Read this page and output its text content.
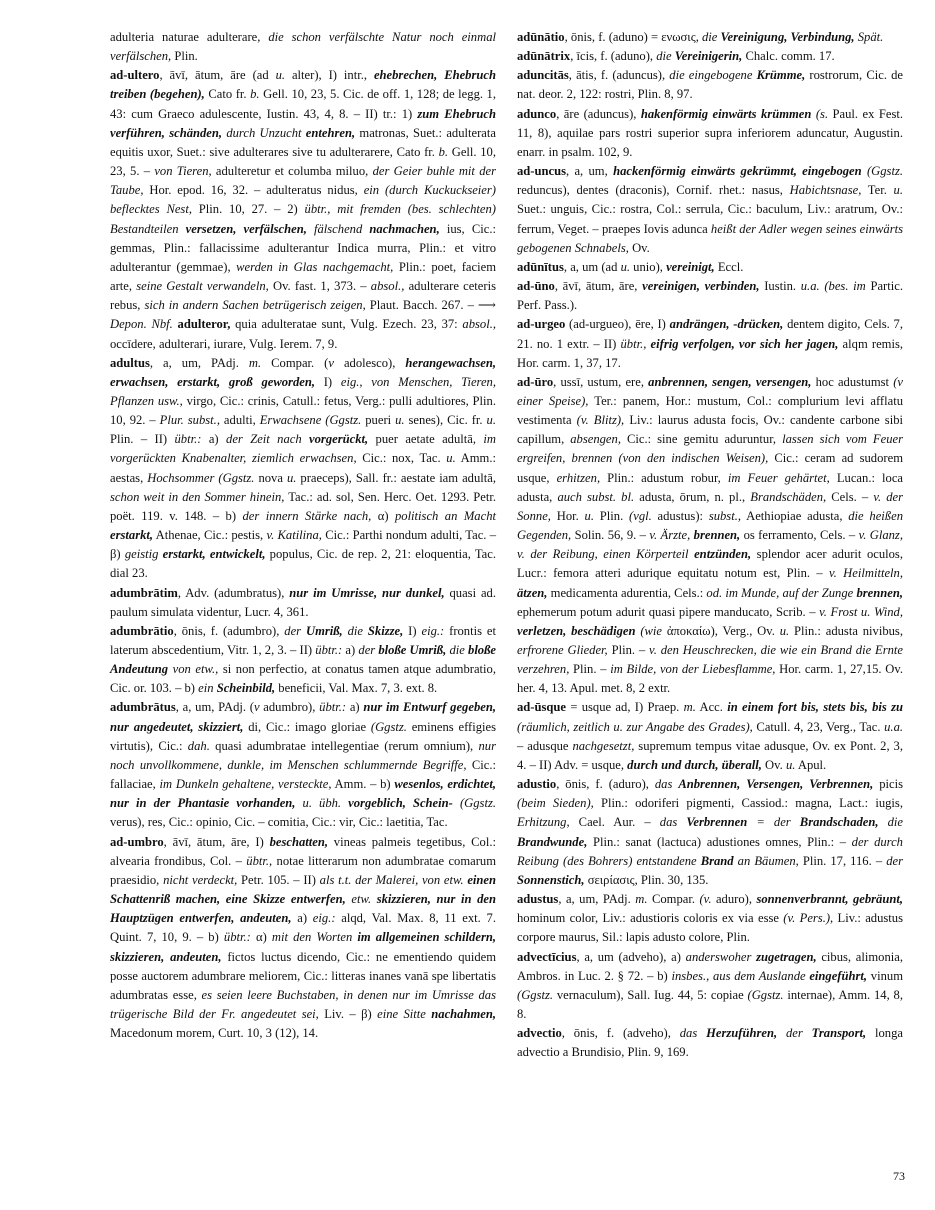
adulteria naturae adulterare, die schon verfälschte Natur noch einmal verfälschen, Plin.

ad-ultero, āvī, ātum, āre (ad u. alter), I) intr., ehebrechen, Ehebruch treiben (begehen), Cato fr. b. Gell. 10, 23, 5. Cic. de off. 1, 128; de legg. 1, 43: cum Graeco adulescente, Iustin. 43, 4, 8. – II) tr.: 1) zum Ehebruch verführen, schänden, durch Unzucht entehren, matronas, Suet.: adulterata equitis uxor, Suet.: sive adulterares sive tu adulterarere, Cato fr. b. Gell. 10, 23, 5. – von Tieren, adulteretur et columba miluo, der Geier buhle mit der Taube, Hor. epod. 16, 32. – adulteratus nidus, ein (durch Kuckuckseier) beflecktes Nest, Plin. 10, 27. – 2) übtr., mit fremden (bes. schlechten) Bestandteilen versetzen, verfälschen, fälschend nachmachen, ius, Cic.: gemmas, Plin.: fallacissime adulterantur Indica murra, Plin.: et vitro adulterantur (gemmae), werden in Glas nachgemacht, Plin.: poet, faciem arte, seine Gestalt verwandeln, Ov. fast. 1, 373. – absol., adulterare ceteris rebus, sich in andern Sachen betrügerisch zeigen, Plaut. Bacch. 267. – ⟶ Depon. Nbf. adulteror, quia adulteratae sunt, Vulg. Ezech. 23, 37: absol., occīdere, adulterari, iurare, Vulg. Ierem. 7, 9.

adultus, a, um, PAdj. m. Compar. (v adolesco), herangewachsen, erwachsen, erstarkt, groß geworden, I) eig., von Menschen, Tieren, Pflanzen usw., virgo, Cic.: crinis, Catull.: fetus, Verg.: pulli adultiores, Plin. 10, 92. – Plur. subst., adulti, Erwachsene (Ggstz. pueri u. senes), Cic. fr. u. Plin. – II) übtr.: a) der Zeit nach vorgerückt, puer aetate adultā, im vorgerückten Knabenalter, ziemlich erwachsen, Cic.: nox, Tac. u. Amm.: aestas, Hochsommer (Ggstz. nova u. praeceps), Sall. fr.: aestate iam adultā, schon weit in den Sommer hinein, Tac.: ad. sol, Sen. Herc. Oet. 1293. Petr. poët. 119. v. 148. – b) der innern Stärke nach, α) politisch an Macht erstarkt, Athenae, Cic.: pestis, v. Katilina, Cic.: Parthi nondum adulti, Tac. – β) geistig erstarkt, entwickelt, populus, Cic. de rep. 2, 21: eloquentia, Tac. dial 23.

adumbrātim, Adv. (adumbratus), nur im Umrisse, nur dunkel, quasi ad. paulum simulata videntur, Lucr. 4, 361.

adumbrātio, ōnis, f. (adumbro), der Umriß, die Skizze, I) eig.: frontis et laterum abscedentium, Vitr. 1, 2, 3. – II) übtr.: a) der bloße Umriß, die bloße Andeutung von etw., si non perfectio, at conatus tamen atque adumbratio, Cic. or. 103. – b) ein Scheinbild, beneficii, Val. Max. 7, 3. ext. 8.

adumbrātus, a, um, PAdj. (v adumbro), übtr.: a) nur im Entwurf gegeben, nur angedeutet, skizziert, di, Cic.: imago gloriae (Ggstz. eminens effigies virtutis), Cic.: dah. quasi adumbratae intellegentiae (rerum omnium), nur noch unvollkommene, dunkle, im Menschen schlummernde Begriffe, Cic.: fallaciae, im Dunkeln gehaltene, versteckte, Amm. – b) wesenlos, erdichtet, nur in der Phantasie vorhanden, u. übh. vorgeblich, Schein- (Ggstz. verus), res, Cic.: opinio, Cic. – comitia, Cic.: vir, Cic.: laetitia, Tac.

ad-umbro, āvī, ātum, āre, I) beschatten, vineas palmeis tegetibus, Col.: alvearia frondibus, Col. – übtr., notae litterarum non adumbratae comarum praesidio, nicht verdeckt, Petr. 105. – II) als t.t. der Malerei, von etw. einen Schattenriß machen, eine Skizze entwerfen, etw. skizzieren, nur in den Hauptzügen entwerfen, andeuten, a) eig.: alqd, Val. Max. 8, 11 ext. 7. Quint. 7, 10, 9. – b) übtr.: α) mit den Worten im allgemeinen schildern, skizzieren, andeuten, fictos luctus dicendo, Cic.: ne ementiendo quidem posse auctorem adumbrare meliorem, Cic.: litteras inanes vanā spe libertatis adumbratas esse, es seien leere Buchstaben, in denen nur im Umrisse das trügerische Bild der Fr. angedeutet sei, Liv. – β) eine Sitte nachahmen, Macedonum morem, Curt. 10, 3 (12), 14.

adūnātio, ōnis, f. (aduno) = ενωσις, die Vereinigung, Verbindung, Spät.

adūnātrix, īcis, f. (aduno), die Vereinigerin, Chalc. comm. 17.

aduncitās, ātis, f. (aduncus), die eingebogene Krümme, rostrorum, Cic. de nat. deor. 2, 122: rostri, Plin. 8, 97.

adunco, āre (aduncus), hakenförmig einwärts krümmen (s. Paul. ex Fest. 11, 8), aquilae pars rostri superior supra inferiorem aduncatur, Augustin. enarr. in psalm. 102, 9.

ad-uncus, a, um, hackenförmig einwärts gekrümmt, eingebogen (Ggstz. reduncus), dentes (draconis), Cornif. rhet.: nasus, Habichtsnase, Ter. u. Suet.: unguis, Cic.: rostra, Col.: serrula, Cic.: baculum, Liv.: aratrum, Ov.: ferrum, Veget. – praepes Iovis adunca heißt der Adler wegen seines einwärts gebogenen Schnabels, Ov.

adūnītus, a, um (ad u. unio), vereinigt, Eccl.

ad-ūno, āvī, ātum, āre, vereinigen, verbinden, Iustin. u.a. (bes. im Partic. Perf. Pass.).

ad-urgeo (ad-urgueo), ēre, I) andrängen, -drücken, dentem digito, Cels. 7, 21. no. 1 extr. – II) übtr., eifrig verfolgen, vor sich her jagen, alqm remis, Hor. carm. 1, 37, 17.

ad-ūro, ussī, ustum, ere, anbrennen, sengen, versengen, hoc adustumst (v einer Speise), Ter.: panem, Hor.: mustum, Col.: complurium levi afflatu vestimenta (v. Blitz), Liv.: laurus adusta focis, Ov.: candente carbone sibi capillum, absengen, Cic.: sine gemitu aduruntur, lassen sich vom Feuer ergreifen, brennen (von den indischen Weisen), Cic.: ceram ad sudorem usque, erhitzen, Plin.: adustum robur, im Feuer gehärtet, Lucan.: loca adusta, auch subst. bl. adusta, ōrum, n. pl., Brandschäden, Cels. – v. der Sonne, Hor. u. Plin. (vgl. adustus): subst., Aethiopiae adusta, die heißen Gegenden, Solin. 56, 9. – v. Ärzte, brennen, os ferramento, Cels. – v. Glanz, v. der Reibung, einen Körperteil entzünden, splendor acer adurit oculos, Lucr.: femora atteri adurique equitatu notum est, Plin. – v. Heilmitteln, ätzen, medicamenta adurentia, Cels.: od. im Munde, auf der Zunge brennen, ephemerum potum adurit quasi pipere manducato, Scrib. – v. Frost u. Wind, verletzen, beschädigen (wie ἀποκαίω), Verg., Ov. u. Plin.: adusta nivibus, erfrorene Glieder, Plin. – v. den Heuschrecken, die wie ein Brand die Ernte verzehren, Plin. – im Bilde, von der Liebesflamme, Hor. carm. 1, 27,15. Ov. her. 4, 13. Apul. met. 8, 2 extr.

ad-ūsque = usque ad, I) Praep. m. Acc. in einem fort bis, stets bis, bis zu (räumlich, zeitlich u. zur Angabe des Grades), Catull. 4, 23, Verg., Tac. u.a. – adusque nachgesetzt, supremum tempus vitae adusque, Ov. ex Pont. 2, 3, 4. – II) Adv. = usque, durch und durch, überall, Ov. u. Apul.

adustio, ōnis, f. (aduro), das Anbrennen, Versengen, Verbrennen, picis (beim Sieden), Plin.: odoriferi pigmenti, Cassiod.: magna, Lact.: iugis, Erhitzung, Cael. Aur. – das Verbrennen = der Brandschaden, die Brandwunde, Plin.: sanat (lactuca) adustiones omnes, Plin.: – der durch Reibung (des Bohrers) entstandene Brand an Bäumen, Plin. 17, 116. – der Sonnenstich, σειρίασις, Plin. 30, 135.

adustus, a, um, PAdj. m. Compar. (v. aduro), sonnenverbrannt, gebräunt, hominum color, Liv.: adustioris coloris ex via esse (v. Pers.), Liv.: adustus corpore maurus, Sil.: lapis adusto colore, Plin.

advectīcius, a, um (adveho), a) anderswoher zugetragen, cibus, alimonia, Ambros. in Luc. 2. § 72. – b) insbes., aus dem Auslande eingeführt, vinum (Ggstz. vernaculum), Sall. Iug. 44, 5: copiae (Ggstz. internae), Amm. 14, 8, 8.

advectio, ōnis, f. (adveho), das Herzuführen, der Transport, longa advectio a Brundisio, Plin. 9, 169.

73
